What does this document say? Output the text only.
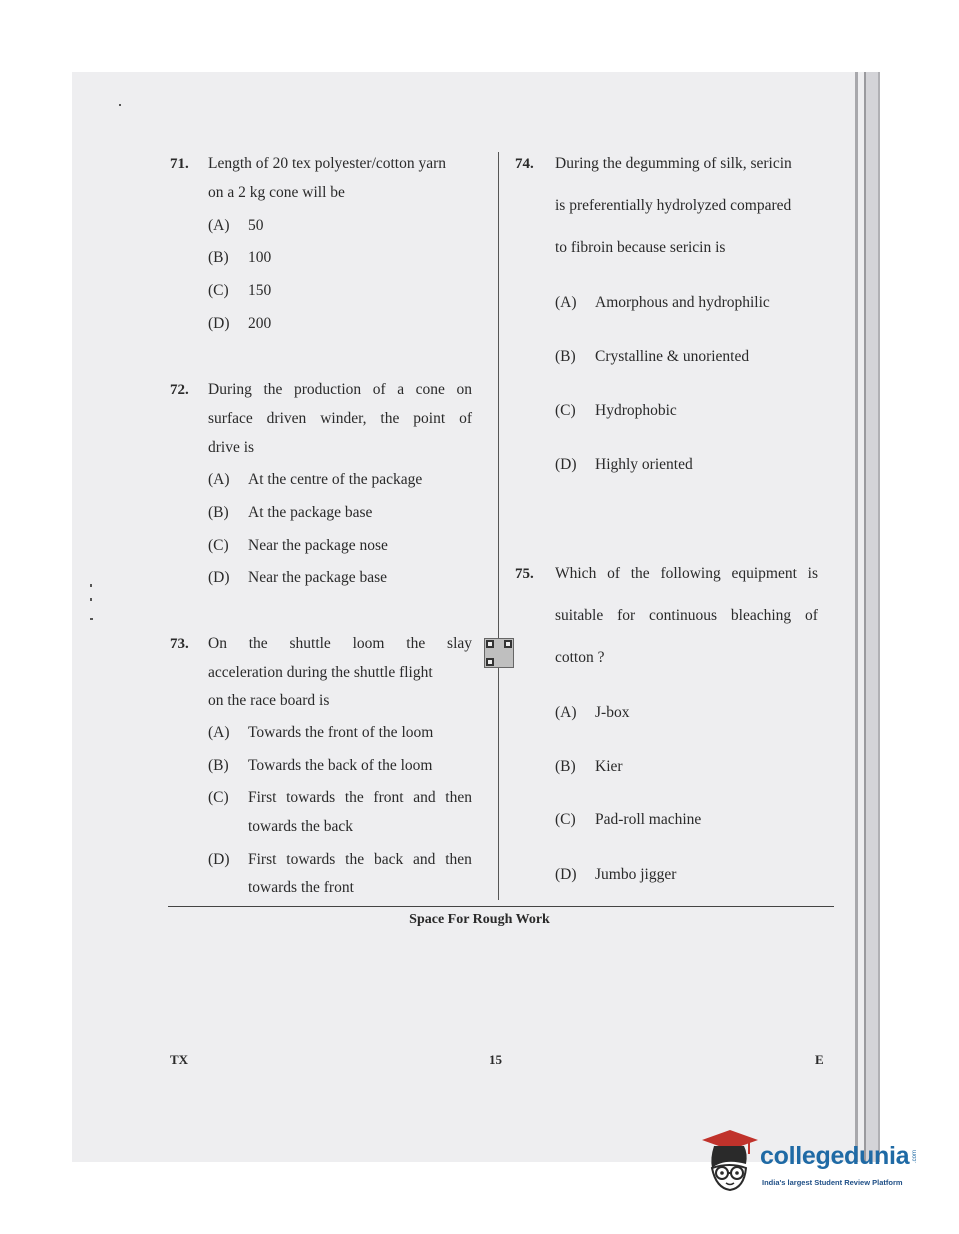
71. Length of 20 tex polyester/cotton yarn
on a 2 kg cone will be
(A) 50
(B) 100
(C) 150
(D) 200
72. During the production of a cone on
surface driven winder, the point of
drive is
(A) At the centre of the package
(B) At the package base
(C) Near the package nose
(D) Near the package base
73. On the shuttle loom the slay
acceleration during the shuttle flight
on the race board is
(A) Towards the front of the loom
(B) Towards the back of the loom
(C) First towards the front and then
towards the back
(D) First towards the back and then
towards the front
74. During the degumming of silk, sericin
is preferentially hydrolyzed compared
to fibroin because sericin is
(A) Amorphous and hydrophilic
(B) Crystalline & unoriented
(C) Hydrophobic
(D) Highly oriented
75. Which of the following equipment is
suitable for continuous bleaching of
cotton ?
(A) J-box
(B) Kier
(C) Pad-roll machine
(D) Jumbo jigger
Space For Rough Work
TX	15	E
collegedunia .com
India's largest Student Review Platform
